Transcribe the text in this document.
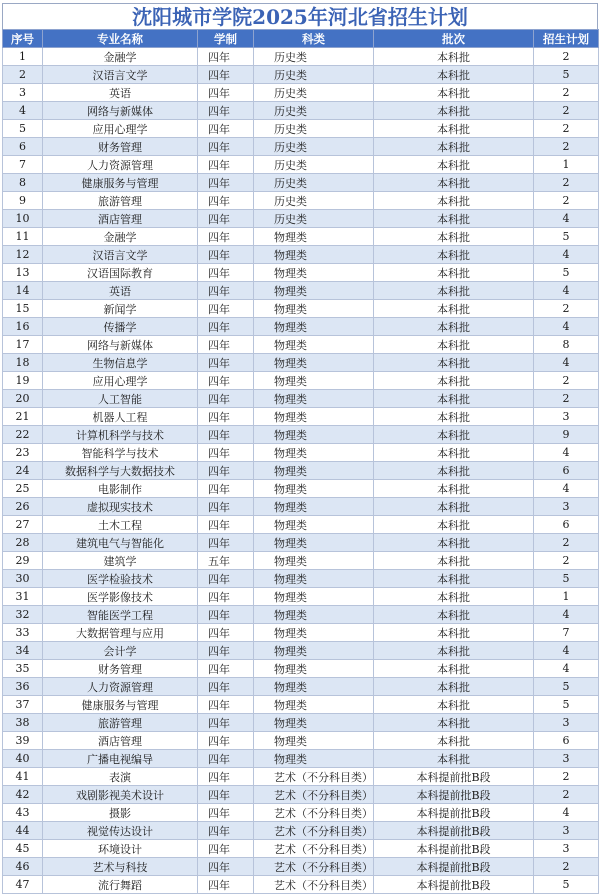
沈阳城市学院2025年河北省招生计划
序号	专业名称	学制	科类	批次	招生计划
1	金融学	四年	历史类	本科批	2
2	汉语言文学	四年	历史类	本科批	5
3	英语	四年	历史类	本科批	2
4	网络与新媒体	四年	历史类	本科批	2
5	应用心理学	四年	历史类	本科批	2
6	财务管理	四年	历史类	本科批	2
7	人力资源管理	四年	历史类	本科批	1
8	健康服务与管理	四年	历史类	本科批	2
9	旅游管理	四年	历史类	本科批	2
10	酒店管理	四年	历史类	本科批	4
11	金融学	四年	物理类	本科批	5
12	汉语言文学	四年	物理类	本科批	4
13	汉语国际教育	四年	物理类	本科批	5
14	英语	四年	物理类	本科批	4
15	新闻学	四年	物理类	本科批	2
16	传播学	四年	物理类	本科批	4
17	网络与新媒体	四年	物理类	本科批	8
18	生物信息学	四年	物理类	本科批	4
19	应用心理学	四年	物理类	本科批	2
20	人工智能	四年	物理类	本科批	2
21	机器人工程	四年	物理类	本科批	3
22	计算机科学与技术	四年	物理类	本科批	9
23	智能科学与技术	四年	物理类	本科批	4
24	数据科学与大数据技术	四年	物理类	本科批	6
25	电影制作	四年	物理类	本科批	4
26	虚拟现实技术	四年	物理类	本科批	3
27	土木工程	四年	物理类	本科批	6
28	建筑电气与智能化	四年	物理类	本科批	2
29	建筑学	五年	物理类	本科批	2
30	医学检验技术	四年	物理类	本科批	5
31	医学影像技术	四年	物理类	本科批	1
32	智能医学工程	四年	物理类	本科批	4
33	大数据管理与应用	四年	物理类	本科批	7
34	会计学	四年	物理类	本科批	4
35	财务管理	四年	物理类	本科批	4
36	人力资源管理	四年	物理类	本科批	5
37	健康服务与管理	四年	物理类	本科批	5
38	旅游管理	四年	物理类	本科批	3
39	酒店管理	四年	物理类	本科批	6
40	广播电视编导	四年	物理类	本科批	3
41	表演	四年	艺术（不分科目类）	本科提前批B段	2
42	戏剧影视美术设计	四年	艺术（不分科目类）	本科提前批B段	2
43	摄影	四年	艺术（不分科目类）	本科提前批B段	4
44	视觉传达设计	四年	艺术（不分科目类）	本科提前批B段	3
45	环境设计	四年	艺术（不分科目类）	本科提前批B段	3
46	艺术与科技	四年	艺术（不分科目类）	本科提前批B段	2
47	流行舞蹈	四年	艺术（不分科目类）	本科提前批B段	5
